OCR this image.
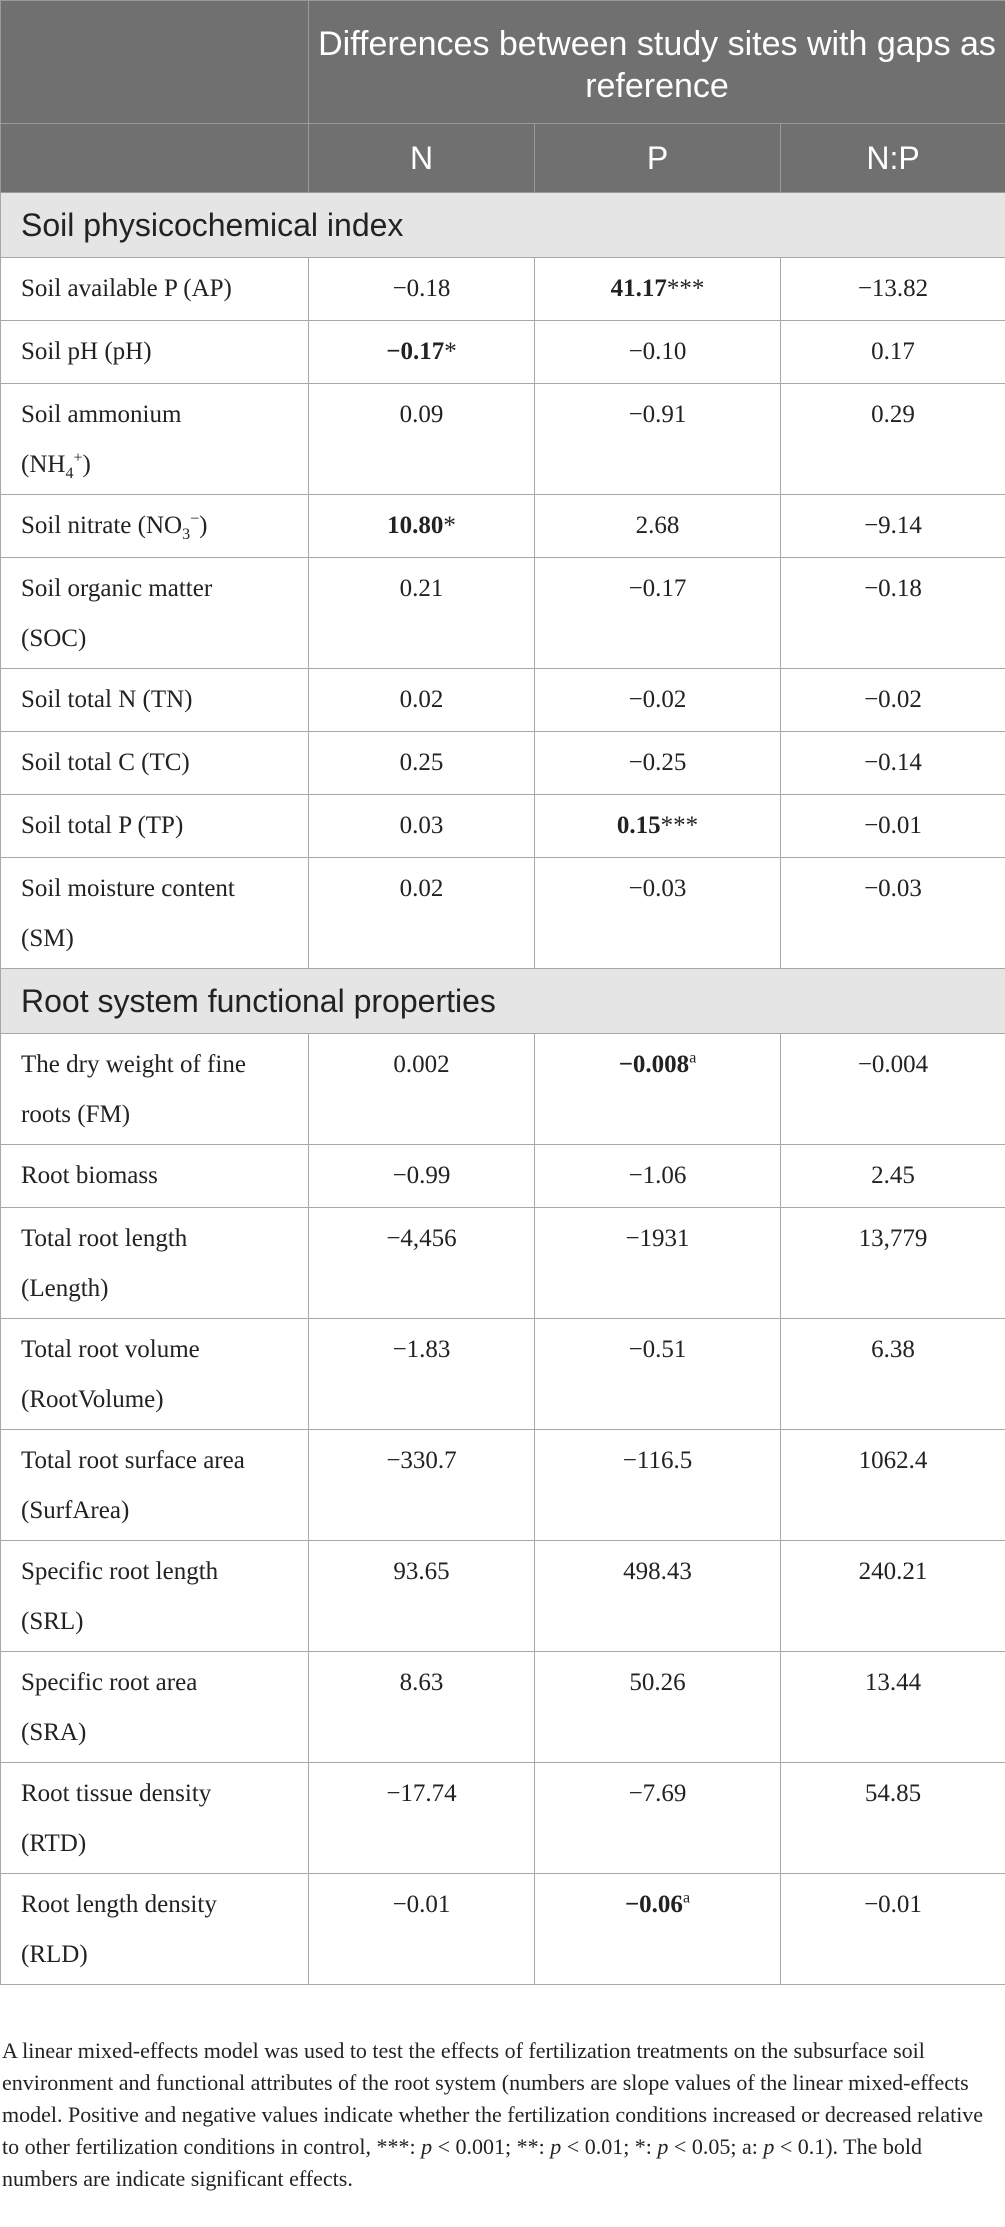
	Differences between study sites with gaps as reference		
	N	P	N:P
Soil physicochemical index			
Soil available P (AP)	−0.18	41.17***	−13.82
Soil pH (pH)	−0.17*	−0.10	0.17
Soil ammonium
$(NH_4^+)$	0.09	−0.91	0.29
Soil nitrate $(NO_3^-)$	10.80*	2.68	−9.14
Soil organic matter
(SOC)	0.21	−0.17	−0.18
Soil total N (TN)	0.02	−0.02	−0.02
Soil total C (TC)	0.25	−0.25	−0.14
Soil total P (TP)	0.03	0.15***	−0.01
Soil moisture content
(SM)	0.02	−0.03	−0.03
Root system functional properties			
The dry weight of fine
roots (FM)	0.002	−0.008$^a$	−0.004
Root biomass	−0.99	−1.06	2.45
Total root length
(Length)	−4,456	−1931	13,779
Total root volume
(RootVolume)	−1.83	−0.51	6.38
Total root surface area
(SurfArea)	−330.7	−116.5	1062.4
Specific root length
(SRL)	93.65	498.43	240.21
Specific root area
(SRA)	8.63	50.26	13.44
Root tissue density
(RTD)	−17.74	−7.69	54.85
Root length density
(RLD)	−0.01	−0.06$^a$	−0.01
A linear mixed-effects model was used to test the effects of fertilization treatments on the subsurface soil environment and functional attributes of the root system (numbers are slope values of the linear mixed-effects model. Positive and negative values indicate whether the fertilization conditions increased or decreased relative to other fertilization conditions in control, ***: p < 0.001; **: p < 0.01; *: p < 0.05; a: p < 0.1). The bold numbers are indicate significant effects.
